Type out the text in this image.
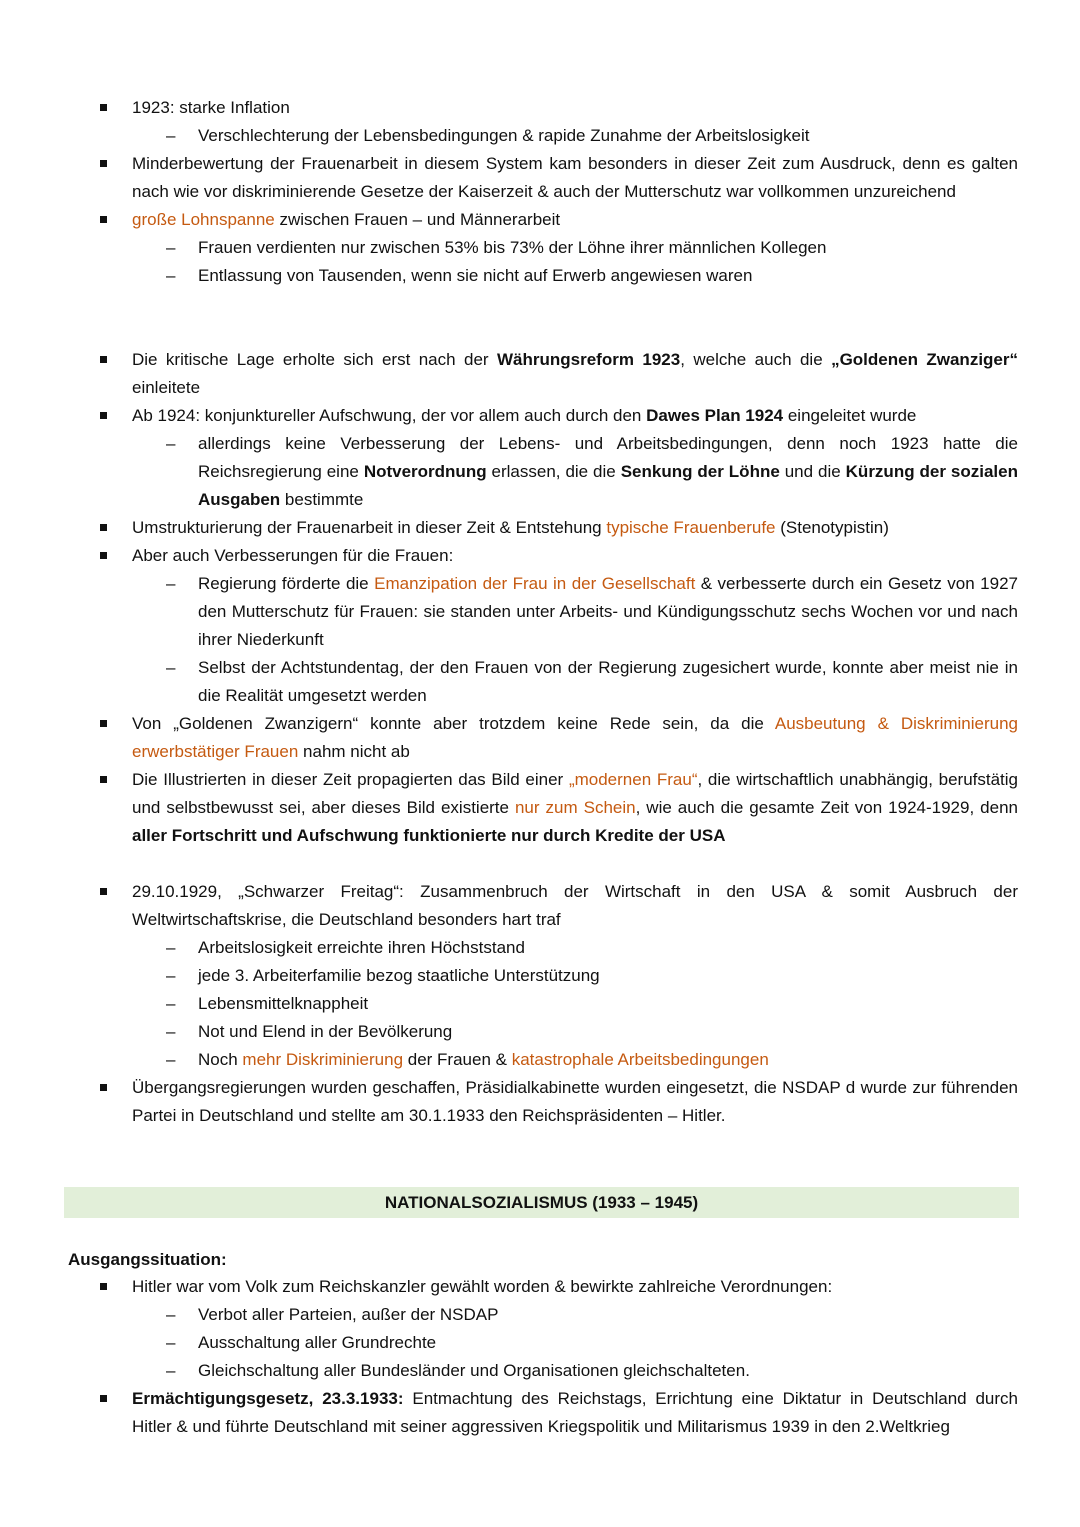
1923: starke Inflation
– Verschlechterung der Lebensbedingungen & rapide Zunahme der Arbeitslosigkeit
Minderbewertung der Frauenarbeit in diesem System kam besonders in dieser Zeit zum Ausdruck, denn es galten nach wie vor diskriminierende Gesetze der Kaiserzeit & auch der Mutterschutz war vollkommen unzureichend
große Lohnspanne zwischen Frauen – und Männerarbeit
– Frauen verdienten nur zwischen 53% bis 73% der Löhne ihrer männlichen Kollegen
– Entlassung von Tausenden, wenn sie nicht auf Erwerb angewiesen waren
Die kritische Lage erholte sich erst nach der Währungsreform 1923, welche auch die „Goldenen Zwanziger“ einleitete
Ab 1924: konjunktureller Aufschwung, der vor allem auch durch den Dawes Plan 1924 eingeleitet wurde
– allerdings keine Verbesserung der Lebens- und Arbeitsbedingungen, denn noch 1923 hatte die Reichsregierung eine Notverordnung erlassen, die die Senkung der Löhne und die Kürzung der sozialen Ausgaben bestimmte
Umstrukturierung der Frauenarbeit in dieser Zeit & Entstehung typische Frauenberufe (Stenotypistin)
Aber auch Verbesserungen für die Frauen:
– Regierung förderte die Emanzipation der Frau in der Gesellschaft & verbesserte durch ein Gesetz von 1927 den Mutterschutz für Frauen: sie standen unter Arbeits- und Kündigungsschutz sechs Wochen vor und nach ihrer Niederkunft
– Selbst der Achtstundentag, der den Frauen von der Regierung zugesichert wurde, konnte aber meist nie in die Realität umgesetzt werden
Von „Goldenen Zwanzigern“ konnte aber trotzdem keine Rede sein, da die Ausbeutung & Diskriminierung erwerbstätiger Frauen nahm nicht ab
Die Illustrierten in dieser Zeit propagierten das Bild einer „modernen Frau“, die wirtschaftlich unabhängig, berufstätig und selbstbewusst sei, aber dieses Bild existierte nur zum Schein, wie auch die gesamte Zeit von 1924-1929, denn aller Fortschritt und Aufschwung funktionierte nur durch Kredite der USA
29.10.1929, „Schwarzer Freitag“: Zusammenbruch der Wirtschaft in den USA & somit Ausbruch der Weltwirtschaftskrise, die Deutschland besonders hart traf
– Arbeitslosigkeit erreichte ihren Höchststand
– jede 3. Arbeiterfamilie bezog staatliche Unterstützung
– Lebensmittelknappheit
– Not und Elend in der Bevölkerung
– Noch mehr Diskriminierung der Frauen & katastrophale Arbeitsbedingungen
Übergangsregierungen wurden geschaffen, Präsidialkabinette wurden eingesetzt, die NSDAP d wurde zur führenden Partei in Deutschland und stellte am 30.1.1933 den Reichspräsidenten – Hitler.
NATIONALSOZIALISMUS (1933 – 1945)
Ausgangssituation:
Hitler war vom Volk zum Reichskanzler gewählt worden & bewirkte zahlreiche Verordnungen:
– Verbot aller Parteien, außer der NSDAP
– Ausschaltung aller Grundrechte
– Gleichschaltung aller Bundesländer und Organisationen gleichschalteten.
Ermächtigungsgesetz, 23.3.1933: Entmachtung des Reichstags, Errichtung eine Diktatur in Deutschland durch Hitler & und führte Deutschland mit seiner aggressiven Kriegspolitik und Militarismus 1939 in den 2.Weltkrieg
